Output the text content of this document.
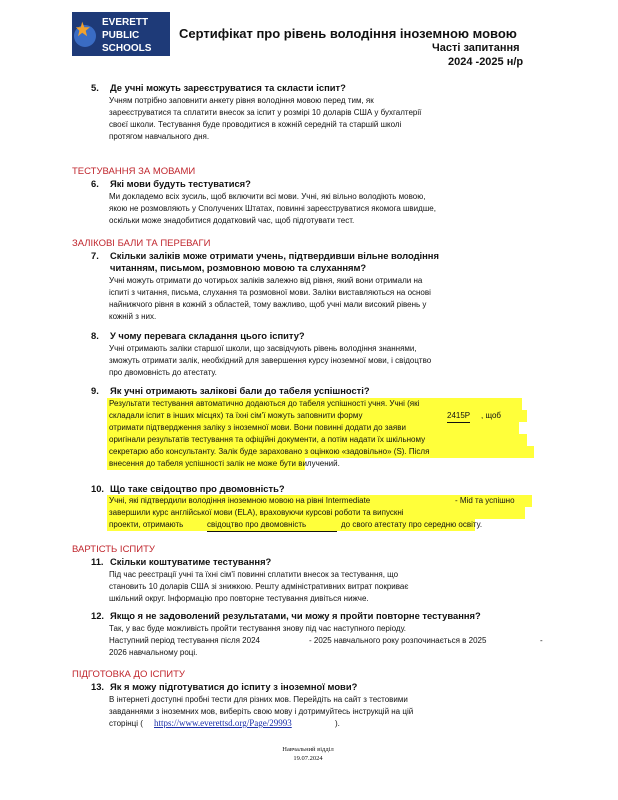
EVERETT
PUBLIC
SCHOOLS
Сертифікат про рівень володіння іноземною мовою
Часті запитання
2024 -2025 н/р
5. Де учні можуть зареєструватися та скласти іспит?
Учням потрібно заповнити анкету рівня володіння мовою перед тим, як
зареєструватися та сплатити внесок за іспит у розмірі 10 доларів США у бухгалтерії
своєї школи. Тестування буде проводитися в кожній середній та старшій школі
протягом навчального дня.
ТЕСТУВАННЯ ЗА МОВАМИ
6. Які мови будуть тестуватися?
Ми докладемо всіх зусиль, щоб включити всі мови. Учні, які вільно володіють мовою,
якою не розмовляють у Сполучених Штатах, повинні зареєструватися якомога швидше,
оскільки може знадобитися додатковий час, щоб підготувати тест.
ЗАЛІКОВІ БАЛИ ТА ПЕРЕВАГИ
7. Скільки заліків може отримати учень, підтвердивши вільне володіння
читанням, письмом, розмовною мовою та слуханням?
Учні можуть отримати до чотирьох заліків залежно від рівня, який вони отримали на
іспиті з читання, письма, слухання та розмовної мови. Заліки виставляються на основі
найнижчого рівня в кожній з областей, тому важливо, щоб учні мали високий рівень у
кожній з них.
8. У чому перевага складання цього іспиту?
Учні отримають заліки старшої школи, що засвідчують рівень володіння знаннями,
зможуть отримати залік, необхідний для завершення курсу іноземної мови, і свідоцтво
про двомовність до атестату.
9. Як учні отримають залікові бали до табеля успішності?
Результати тестування автоматично додаються до табеля успішності учня. Учні (які
складали іспит в інших місцях) та їхні сім'ї можуть заповнити форму	2415P , щоб
отримати підтвердження заліку з іноземної мови. Вони повинні додати до заяви
оригінали результатів тестування та офіційні документи, а потім надати їх шкільному
секретарю або консультанту. Залік буде зараховано з оцінкою «задовільно» (S). Після
внесення до табеля успішності залік не може бути вилучений.
10. Що таке свідоцтво про двомовність?
Учні, які підтвердили володіння іноземною мовою на рівні Intermediate	- Mid та успішно
завершили курс англійської мови (ELA), враховуючи курсові роботи та випускні
проекти, отримають	свідоцтво про двомовність	до свого атестату про середню освіту.
ВАРТІСТЬ ІСПИТУ
11. Скільки коштуватиме тестування?
Під час реєстрації учні та їхні сім'ї повинні сплатити внесок за тестування, що
становить 10 доларів США зі знижкою. Решту адміністративних витрат покриває
шкільний округ. Інформацію про повторне тестування дивіться нижче.
12. Якщо я не задоволений результатами, чи можу я пройти повторне тестування?
Так, у вас буде можливість пройти тестування знову під час наступного періоду.
Наступний період тестування після 2024	- 2025 навчального року розпочинається в 2025	-
2026 навчальному році.
ПІДГОТОВКА ДО ІСПИТУ
13. Як я можу підготуватися до іспиту з іноземної мови?
В інтернеті доступні пробні тести для різних мов. Перейдіть на сайт з тестовими
завданнями з іноземних мов, виберіть свою мову і дотримуйтесь інструкцій на цій
сторінці ( https://www.everettsd.org/Page/29993	).
Навчальний відділ
19.07.2024
